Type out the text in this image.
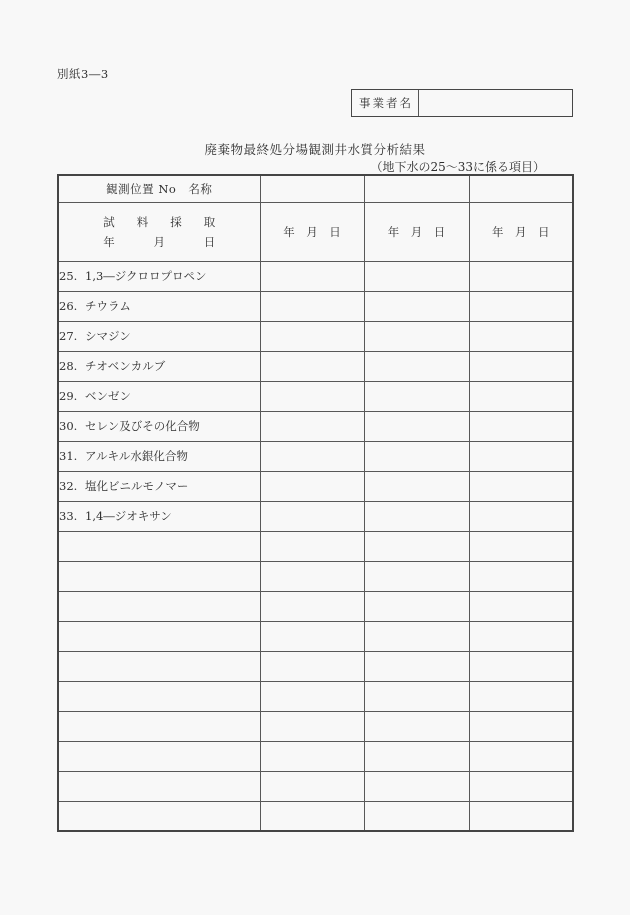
別紙3―3
事業者名
廃棄物最終処分場観測井水質分析結果
（地下水の25〜33に係る項目）
観測位置 No　名称			

試 料 採 取
年	月	日
	年　月　日	年　月　日	年　月　日
25. 1,3―ジクロロプロペン			
26. チウラム			
27. シマジン			
28. チオベンカルブ			
29. ベンゼン			
30. セレン及びその化合物			
31. アルキル水銀化合物			
32. 塩化ビニルモノマー			
33. 1,4―ジオキサン			
